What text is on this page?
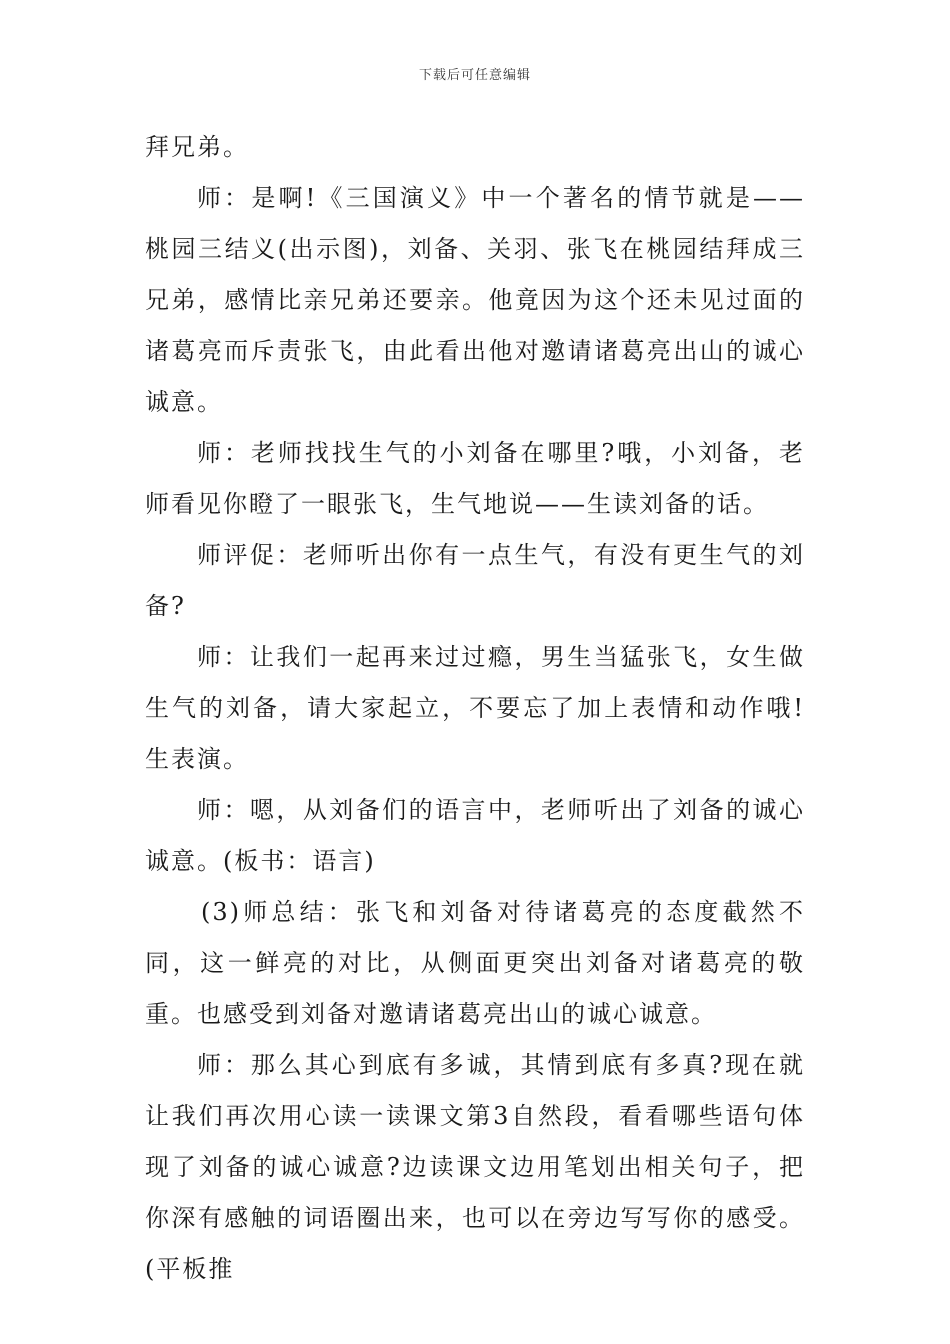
下载后可任意编辑

拜兄弟。

师：是啊!《三国演义》中一个著名的情节就是——桃园三结义(出示图)，刘备、关羽、张飞在桃园结拜成三兄弟，感情比亲兄弟还要亲。他竟因为这个还未见过面的诸葛亮而斥责张飞，由此看出他对邀请诸葛亮出山的诚心诚意。

师：老师找找生气的小刘备在哪里?哦，小刘备，老师看见你瞪了一眼张飞，生气地说——生读刘备的话。

师评促：老师听出你有一点生气，有没有更生气的刘备?

师：让我们一起再来过过瘾，男生当猛张飞，女生做生气的刘备，请大家起立，不要忘了加上表情和动作哦!生表演。

师：嗯，从刘备们的语言中，老师听出了刘备的诚心诚意。(板书：语言)

(3)师总结：张飞和刘备对待诸葛亮的态度截然不同，这一鲜亮的对比，从侧面更突出刘备对诸葛亮的敬重。也感受到刘备对邀请诸葛亮出山的诚心诚意。

师：那么其心到底有多诚，其情到底有多真?现在就让我们再次用心读一读课文第3自然段，看看哪些语句体现了刘备的诚心诚意?边读课文边用笔划出相关句子，把你深有感触的词语圈出来，也可以在旁边写写你的感受。(平板推
